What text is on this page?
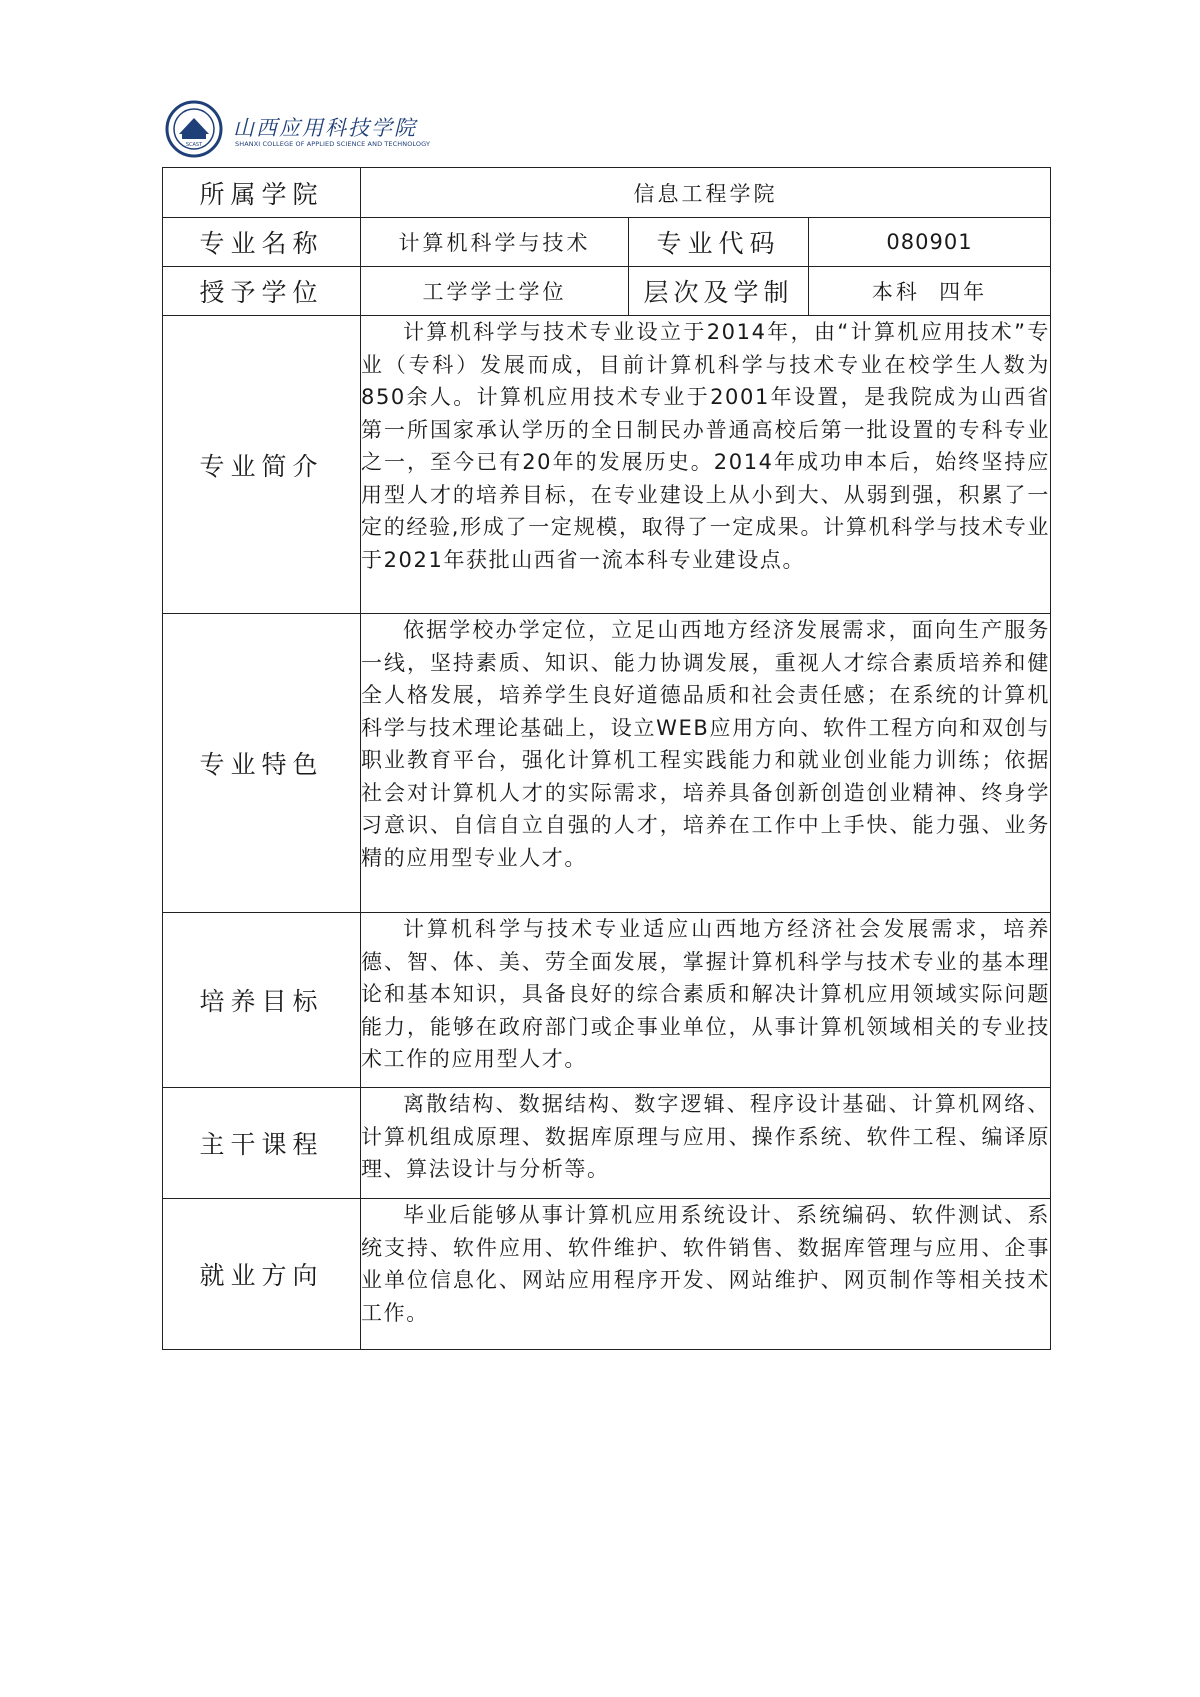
SCAST
山西应用科技学院
SHANXI COLLEGE OF APPLIED SCIENCE AND TECHNOLOGY
所属学院	信息工程学院		
专业名称	计算机科学与技术	专业代码	080901
授予学位	工学学士学位	层次及学制	本科  四年
专业简介	计算机科学与技术专业设立于2014年，由“计算机应用技术”专业（专科）发展而成，目前计算机科学与技术专业在校学生人数为850余人。计算机应用技术专业于2001年设置，是我院成为山西省第一所国家承认学历的全日制民办普通高校后第一批设置的专科专业之一，至今已有20年的发展历史。2014年成功申本后，始终坚持应用型人才的培养目标，在专业建设上从小到大、从弱到强，积累了一定的经验,形成了一定规模，取得了一定成果。计算机科学与技术专业于2021年获批山西省一流本科专业建设点。		
专业特色	依据学校办学定位，立足山西地方经济发展需求，面向生产服务一线，坚持素质、知识、能力协调发展，重视人才综合素质培养和健全人格发展，培养学生良好道德品质和社会责任感；在系统的计算机科学与技术理论基础上，设立WEB应用方向、软件工程方向和双创与职业教育平台，强化计算机工程实践能力和就业创业能力训练；依据社会对计算机人才的实际需求，培养具备创新创造创业精神、终身学习意识、自信自立自强的人才，培养在工作中上手快、能力强、业务精的应用型专业人才。		
培养目标	计算机科学与技术专业适应山西地方经济社会发展需求，培养德、智、体、美、劳全面发展，掌握计算机科学与技术专业的基本理论和基本知识，具备良好的综合素质和解决计算机应用领域实际问题能力，能够在政府部门或企事业单位，从事计算机领域相关的专业技术工作的应用型人才。		
主干课程	离散结构、数据结构、数字逻辑、程序设计基础、计算机网络、计算机组成原理、数据库原理与应用、操作系统、软件工程、编译原理、算法设计与分析等。		
就业方向	毕业后能够从事计算机应用系统设计、系统编码、软件测试、系统支持、软件应用、软件维护、软件销售、数据库管理与应用、企事业单位信息化、网站应用程序开发、网站维护、网页制作等相关技术工作。		
